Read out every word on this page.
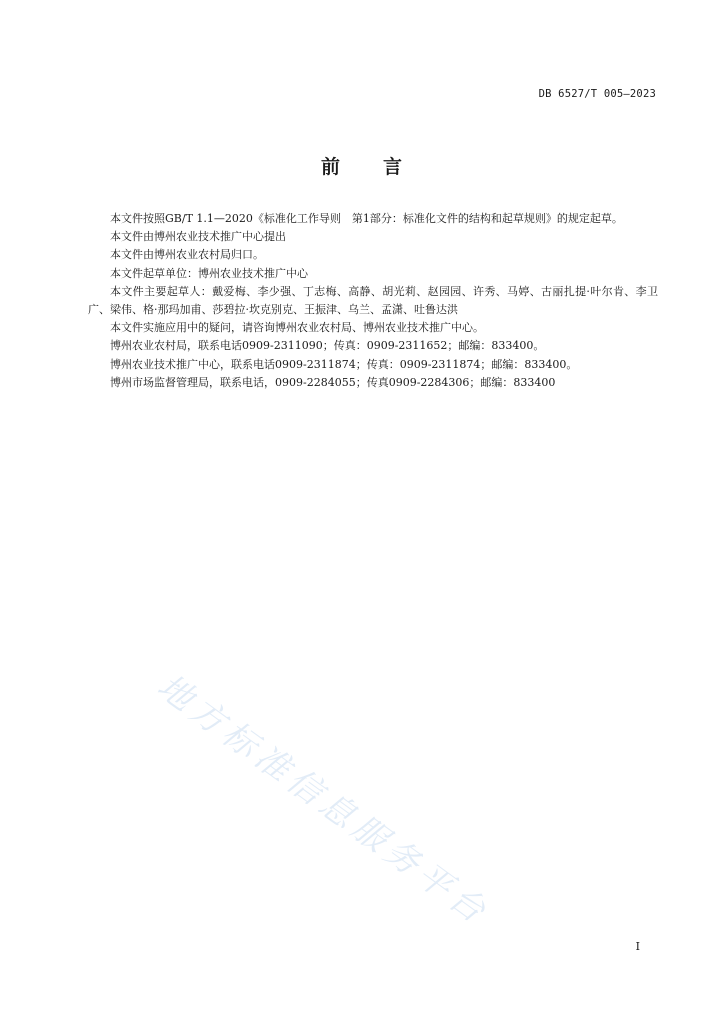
DB 6527/T 005—2023
前 言

本文件按照GB/T 1.1—2020《标准化工作导则　第1部分：标准化文件的结构和起草规则》的规定起草。

本文件由博州农业技术推广中心提出

本文件由博州农业农村局归口。

本文件起草单位：博州农业技术推广中心

本文件主要起草人：戴爱梅、李少强、丁志梅、高静、胡光莉、赵园园、许秀、马婷、古丽扎提·叶尔肯、李卫广、梁伟、格·那玛加甫、莎碧拉·坎克别克、王振津、乌兰、孟潇、吐鲁达洪

本文件实施应用中的疑问，请咨询博州农业农村局、博州农业技术推广中心。

博州农业农村局，联系电话0909-2311090；传真：0909-2311652；邮编：833400。

博州农业技术推广中心，联系电话0909-2311874；传真：0909-2311874；邮编：833400。

博州市场监督管理局，联系电话，0909-2284055；传真0909-2284306；邮编：833400

地方标准信息服务平台
I
